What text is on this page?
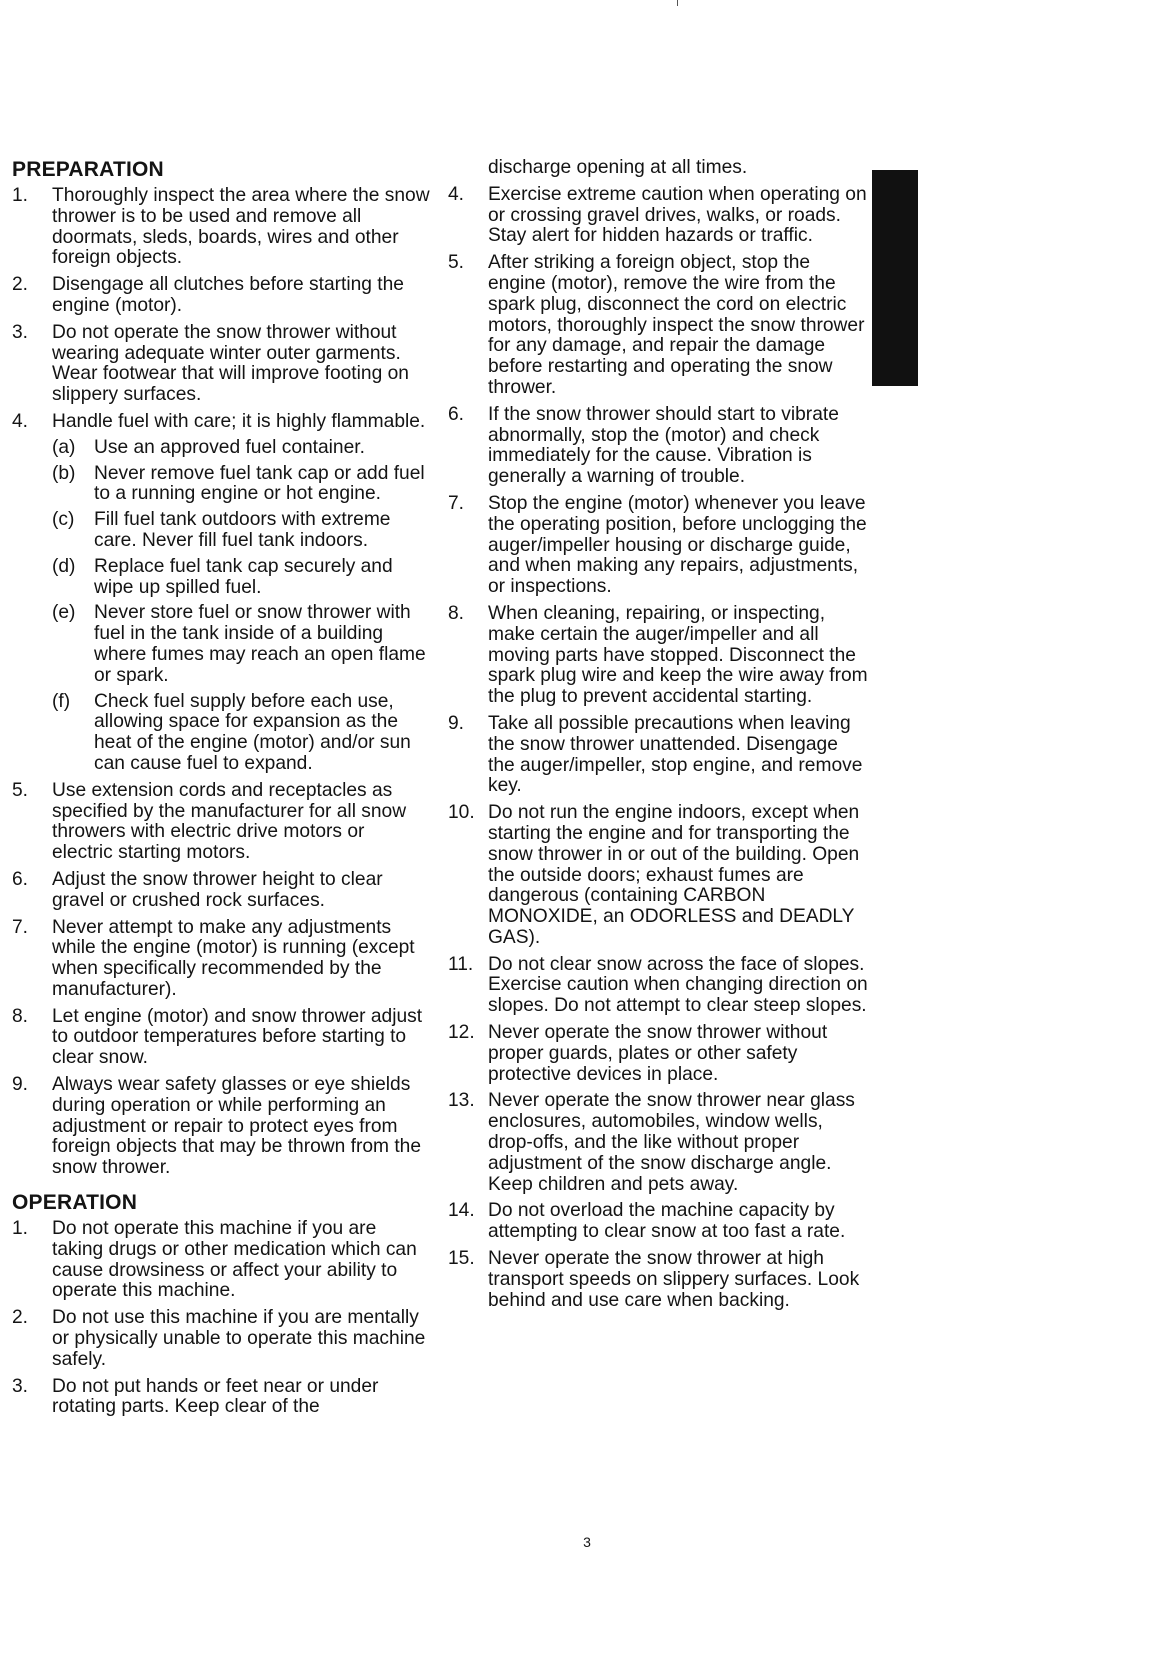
PREPARATION
1. Thoroughly inspect the area where the snow thrower is to be used and remove all doormats, sleds, boards, wires and other foreign objects.
2. Disengage all clutches before starting the engine (motor).
3. Do not operate the snow thrower without wearing adequate winter outer garments. Wear footwear that will improve footing on slippery surfaces.
4. Handle fuel with care; it is highly flammable.
(a) Use an approved fuel container.
(b) Never remove fuel tank cap or add fuel to a running engine or hot engine.
(c) Fill fuel tank outdoors with extreme care. Never fill fuel tank indoors.
(d) Replace fuel tank cap securely and wipe up spilled fuel.
(e) Never store fuel or snow thrower with fuel in the tank inside of a building where fumes may reach an open flame or spark.
(f) Check fuel supply before each use, allowing space for expansion as the heat of the engine (motor) and/or sun can cause fuel to expand.
5. Use extension cords and receptacles as specified by the manufacturer for all snow throwers with electric drive motors or electric starting motors.
6. Adjust the snow thrower height to clear gravel or crushed rock surfaces.
7. Never attempt to make any adjustments while the engine (motor) is running (except when specifically recommended by the manufacturer).
8. Let engine (motor) and snow thrower adjust to outdoor temperatures before starting to clear snow.
9. Always wear safety glasses or eye shields during operation or while performing an adjustment or repair to protect eyes from foreign objects that may be thrown from the snow thrower.
OPERATION
1. Do not operate this machine if you are taking drugs or other medication which can cause drowsiness or affect your ability to operate this machine.
2. Do not use this machine if you are mentally or physically unable to operate this machine safely.
3. Do not put hands or feet near or under rotating parts. Keep clear of the
discharge opening at all times.
4. Exercise extreme caution when operating on or crossing gravel drives, walks, or roads. Stay alert for hidden hazards or traffic.
5. After striking a foreign object, stop the engine (motor), remove the wire from the spark plug, disconnect the cord on electric motors, thoroughly inspect the snow thrower for any damage, and repair the damage before restarting and operating the snow thrower.
6. If the snow thrower should start to vibrate abnormally, stop the (motor) and check immediately for the cause. Vibration is generally a warning of trouble.
7. Stop the engine (motor) whenever you leave the operating position, before unclogging the auger/impeller housing or discharge guide, and when making any repairs, adjustments, or inspections.
8. When cleaning, repairing, or inspecting, make certain the auger/impeller and all moving parts have stopped. Disconnect the spark plug wire and keep the wire away from the plug to prevent accidental starting.
9. Take all possible precautions when leaving the snow thrower unattended. Disengage the auger/impeller, stop engine, and remove key.
10. Do not run the engine indoors, except when starting the engine and for transporting the snow thrower in or out of the building. Open the outside doors; exhaust fumes are dangerous (containing CARBON MONOXIDE, an ODORLESS and DEADLY GAS).
11. Do not clear snow across the face of slopes. Exercise caution when changing direction on slopes. Do not attempt to clear steep slopes.
12. Never operate the snow thrower without proper guards, plates or other safety protective devices in place.
13. Never operate the snow thrower near glass enclosures, automobiles, window wells, drop-offs, and the like without proper adjustment of the snow discharge angle. Keep children and pets away.
14. Do not overload the machine capacity by attempting to clear snow at too fast a rate.
15. Never operate the snow thrower at high transport speeds on slippery surfaces. Look behind and use care when backing.
3
